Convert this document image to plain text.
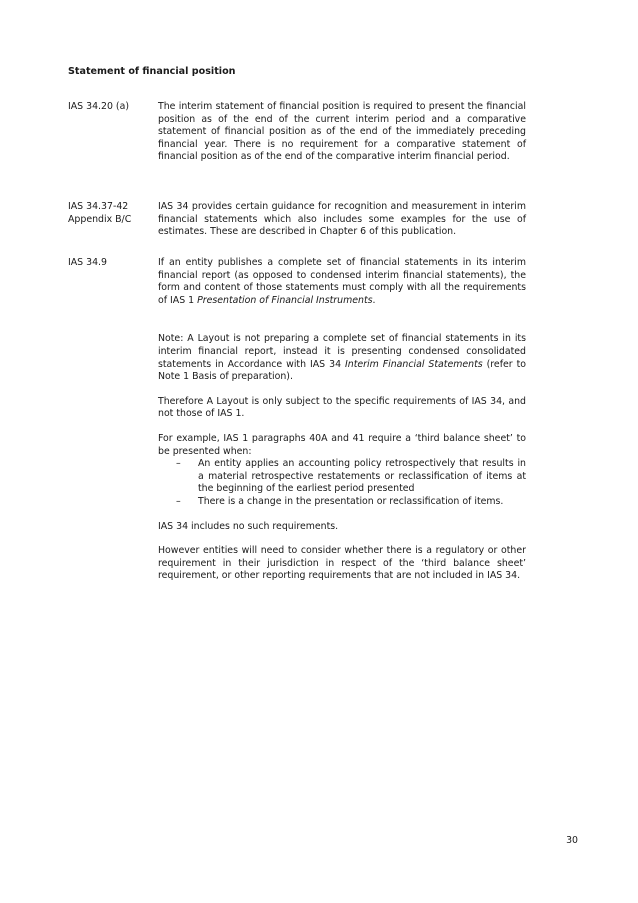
Statement of financial position
IAS 34.20 (a)	The interim statement of financial position is required to present the financial position as of the end of the current interim period and a comparative statement of financial position as of the end of the immediately preceding financial year. There is no requirement for a comparative statement of financial position as of the end of the comparative interim financial period.

IAS 34.37-42
Appendix B/C

IAS 34 provides certain guidance for recognition and measurement in interim financial statements which also includes some examples for the use of estimates. These are described in Chapter 6 of this publication.

IAS 34.9	If an entity publishes a complete set of financial statements in its interim financial report (as opposed to condensed interim financial statements), the form and content of those statements must comply with all the requirements of IAS 1 Presentation of Financial Instruments.

Note: A Layout is not preparing a complete set of financial statements in its interim financial report, instead it is presenting condensed consolidated statements in Accordance with IAS 34 Interim Financial Statements (refer to Note 1 Basis of preparation).

Therefore A Layout is only subject to the specific requirements of IAS 34, and not those of IAS 1.

For example, IAS 1 paragraphs 40A and 41 require a ‘third balance sheet’ to be presented when:

– An entity applies an accounting policy retrospectively that results in a material retrospective restatements or reclassification of items at the beginning of the earliest period presented
– There is a change in the presentation or reclassification of items.

IAS 34 includes no such requirements.

However entities will need to consider whether there is a regulatory or other requirement in their jurisdiction in respect of the ‘third balance sheet’ requirement, or other reporting requirements that are not included in IAS 34.

30
